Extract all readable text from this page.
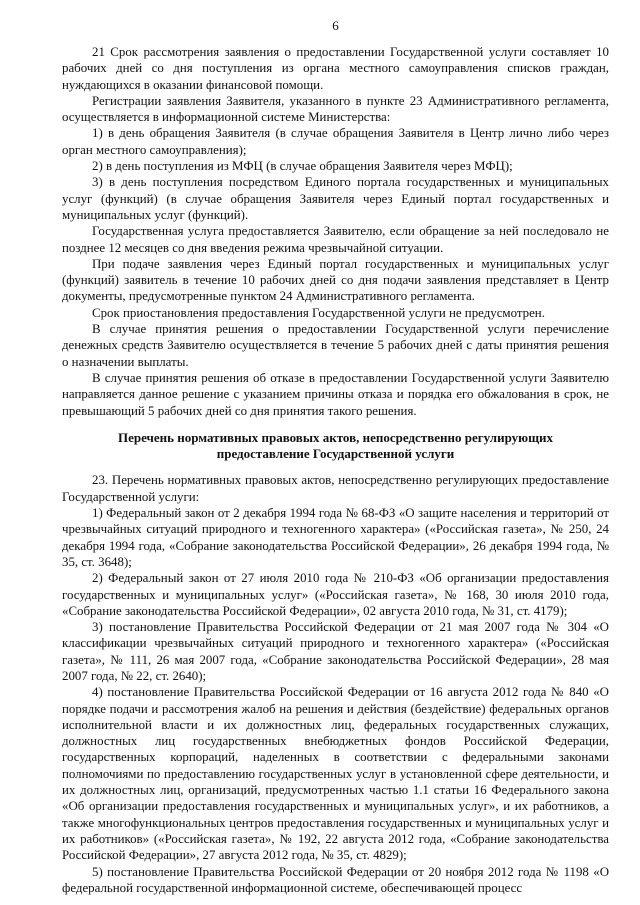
6

21 Срок рассмотрения заявления о предоставлении Государственной услуги составляет 10 рабочих дней со дня поступления из органа местного самоуправления списков граждан, нуждающихся в оказании финансовой помощи.

Регистрации заявления Заявителя, указанного в пункте 23 Административного регламента, осуществляется в информационной системе Министерства:

1) в день обращения Заявителя (в случае обращения Заявителя в Центр лично либо через орган местного самоуправления);

2) в день поступления из МФЦ (в случае обращения Заявителя через МФЦ);

3) в день поступления посредством Единого портала государственных и муниципальных услуг (функций) (в случае обращения Заявителя через Единый портал государственных и муниципальных услуг (функций).

Государственная услуга предоставляется Заявителю, если обращение за ней последовало не позднее 12 месяцев со дня введения режима чрезвычайной ситуации.

При подаче заявления через Единый портал государственных и муниципальных услуг (функций) заявитель в течение 10 рабочих дней со дня подачи заявления представляет в Центр документы, предусмотренные пунктом 24 Административного регламента.

Срок приостановления предоставления Государственной услуги не предусмотрен.

В случае принятия решения о предоставлении Государственной услуги перечисление денежных средств Заявителю осуществляется в течение 5 рабочих дней с даты принятия решения о назначении выплаты.

В случае принятия решения об отказе в предоставлении Государственной услуги Заявителю направляется данное решение с указанием причины отказа и порядка его обжалования в срок, не превышающий 5 рабочих дней со дня принятия такого решения.

Перечень нормативных правовых актов, непосредственно регулирующих
предоставление Государственной услуги

23. Перечень нормативных правовых актов, непосредственно регулирующих предоставление Государственной услуги:

1) Федеральный закон от 2 декабря 1994 года № 68-ФЗ «О защите населения и территорий от чрезвычайных ситуаций природного и техногенного характера» («Российская газета», № 250, 24 декабря 1994 года, «Собрание законодательства Российской Федерации», 26 декабря 1994 года, № 35, ст. 3648);

2) Федеральный закон от 27 июля 2010 года № 210-ФЗ «Об организации предоставления государственных и муниципальных услуг» («Российская газета», № 168, 30 июля 2010 года, «Собрание законодательства Российской Федерации», 02 августа 2010 года, № 31, ст. 4179);

3) постановление Правительства Российской Федерации от 21 мая 2007 года № 304 «О классификации чрезвычайных ситуаций природного и техногенного характера» («Российская газета», № 111, 26 мая 2007 года, «Собрание законодательства Российской Федерации», 28 мая 2007 года, № 22, ст. 2640);

4) постановление Правительства Российской Федерации от 16 августа 2012 года № 840 «О порядке подачи и рассмотрения жалоб на решения и действия (бездействие) федеральных органов исполнительной власти и их должностных лиц, федеральных государственных служащих, должностных лиц государственных внебюджетных фондов Российской Федерации, государственных корпораций, наделенных в соответствии с федеральными законами полномочиями по предоставлению государственных услуг в установленной сфере деятельности, и их должностных лиц, организаций, предусмотренных частью 1.1 статьи 16 Федерального закона «Об организации предоставления государственных и муниципальных услуг», и их работников, а также многофункциональных центров предоставления государственных и муниципальных услуг и их работников» («Российская газета», № 192, 22 августа 2012 года, «Собрание законодательства Российской Федерации», 27 августа 2012 года, № 35, ст. 4829);

5) постановление Правительства Российской Федерации от 20 ноября 2012 года № 1198 «О федеральной государственной информационной системе, обеспечивающей процесс
